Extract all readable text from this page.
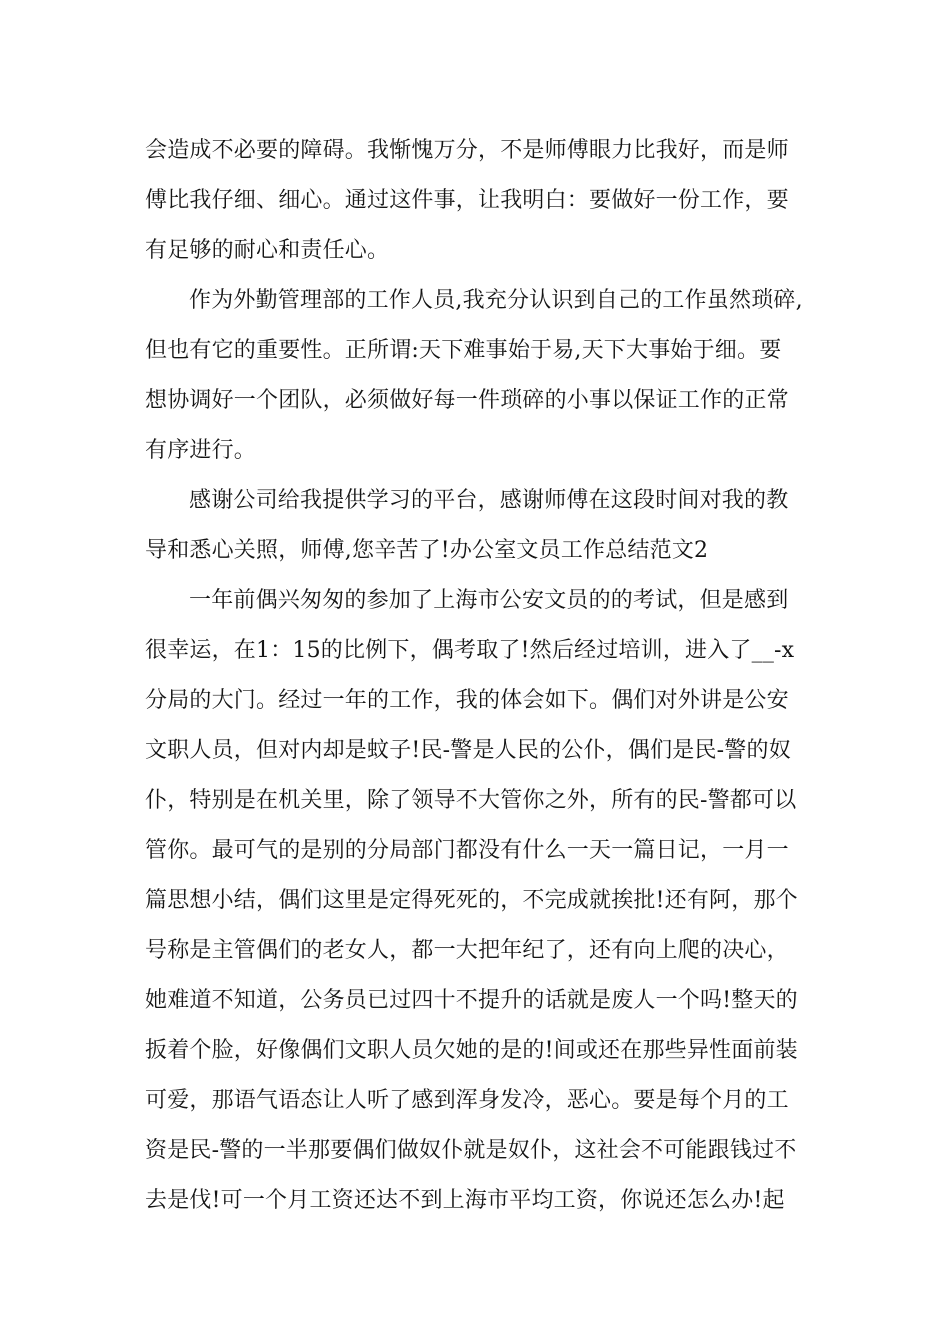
会造成不必要的障碍。我惭愧万分，不是师傅眼力比我好，而是师
傅比我仔细、细心。通过这件事，让我明白：要做好一份工作，要
有足够的耐心和责任心。
作为外勤管理部的工作人员,我充分认识到自己的工作虽然琐碎,
但也有它的重要性。正所谓:天下难事始于易,天下大事始于细。要
想协调好一个团队，必须做好每一件琐碎的小事以保证工作的正常
有序进行。
感谢公司给我提供学习的平台，感谢师傅在这段时间对我的教
导和悉心关照，师傅,您辛苦了!办公室文员工作总结范文2
一年前偶兴匆匆的参加了上海市公安文员的的考试，但是感到
很幸运，在1：15的比例下，偶考取了!然后经过培训，进入了__-x
分局的大门。经过一年的工作，我的体会如下。偶们对外讲是公安
文职人员，但对内却是蚊子!民-警是人民的公仆，偶们是民-警的奴
仆，特别是在机关里，除了领导不大管你之外，所有的民-警都可以
管你。最可气的是别的分局部门都没有什么一天一篇日记，一月一
篇思想小结，偶们这里是定得死死的，不完成就挨批!还有阿，那个
号称是主管偶们的老女人，都一大把年纪了，还有向上爬的决心，
她难道不知道，公务员已过四十不提升的话就是废人一个吗!整天的
扳着个脸，好像偶们文职人员欠她的是的!间或还在那些异性面前装
可爱，那语气语态让人听了感到浑身发冷，恶心。要是每个月的工
资是民-警的一半那要偶们做奴仆就是奴仆，这社会不可能跟钱过不
去是伐!可一个月工资还达不到上海市平均工资，你说还怎么办!起
